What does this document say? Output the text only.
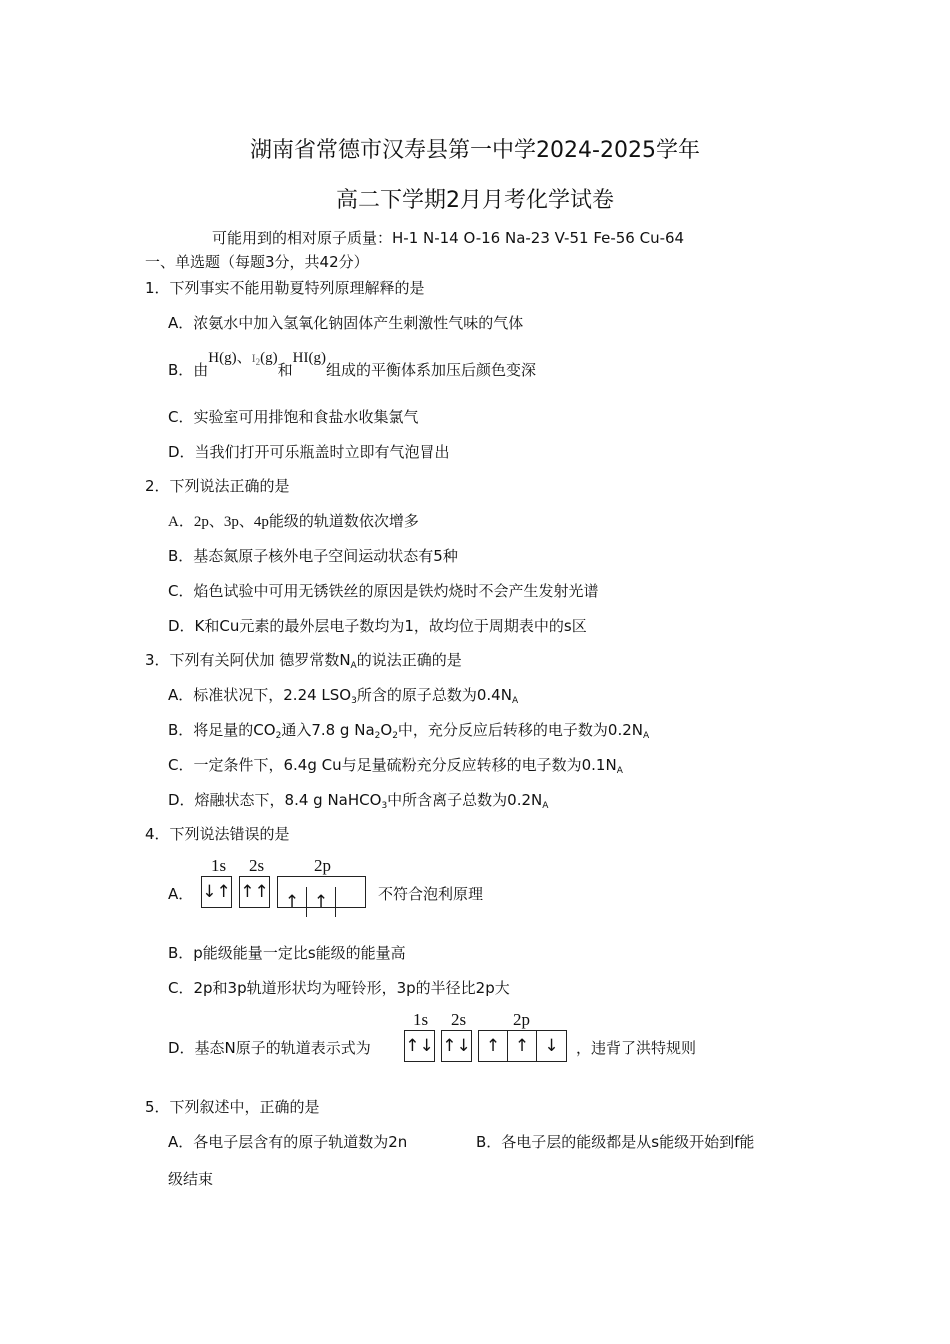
湖南省常德市汉寿县第一中学2024-2025学年
高二下学期2月月考化学试卷
可能用到的相对原子质量：H-1 N-14 O-16 Na-23 V-51 Fe-56 Cu-64
一、单选题（每题3分，共42分）
1．下列事实不能用勒夏特列原理解释的是
A．浓氨水中加入氢氧化钠固体产生刺激性气味的气体
B．由H(g)、$^{I_2}$(g)和HI(g)组成的平衡体系加压后颜色变深
C．实验室可用排饱和食盐水收集氯气
D．当我们打开可乐瓶盖时立即有气泡冒出
2．下列说法正确的是
A．2p、3p、4p能级的轨道数依次增多
B．基态氮原子核外电子空间运动状态有5种
C．焰色试验中可用无锈铁丝的原因是铁灼烧时不会产生发射光谱
D．K和Cu元素的最外层电子数均为1，故均位于周期表中的s区
3．下列有关阿伏加 德罗常数$N_A$的说法正确的是
A．标准状况下，2.24 $LSO_3$所含的原子总数为$0.4N_A$
B．将足量的$CO_2$通入7.8 g $Na_2O_2$中，充分反应后转移的电子数为$0.2N_A$
C．一定条件下，6.4g Cu与足量硫粉充分反应转移的电子数为$0.1N_A$
D．熔融状态下，8.4 g NaHCO$_3$中所含离子总数为$0.2N_A$
4．下列说法错误的是
A．
1s 2s	2p
↓↑ ↑↑ ↑ ↑	不符合泡利原理
B．p能级能量一定比s能级的能量高
C．2p和3p轨道形状均为哑铃形，3p的半径比2p大
D．基态N原子的轨道表示式为
1s 2s	2p
↑↓ ↑↓ ↑ ↑ ↓	，违背了洪特规则
5．下列叙述中，正确的是
A．各电子层含有的原子轨道数为2n	B．各电子层的能级都是从s能级开始到f能
级结束
